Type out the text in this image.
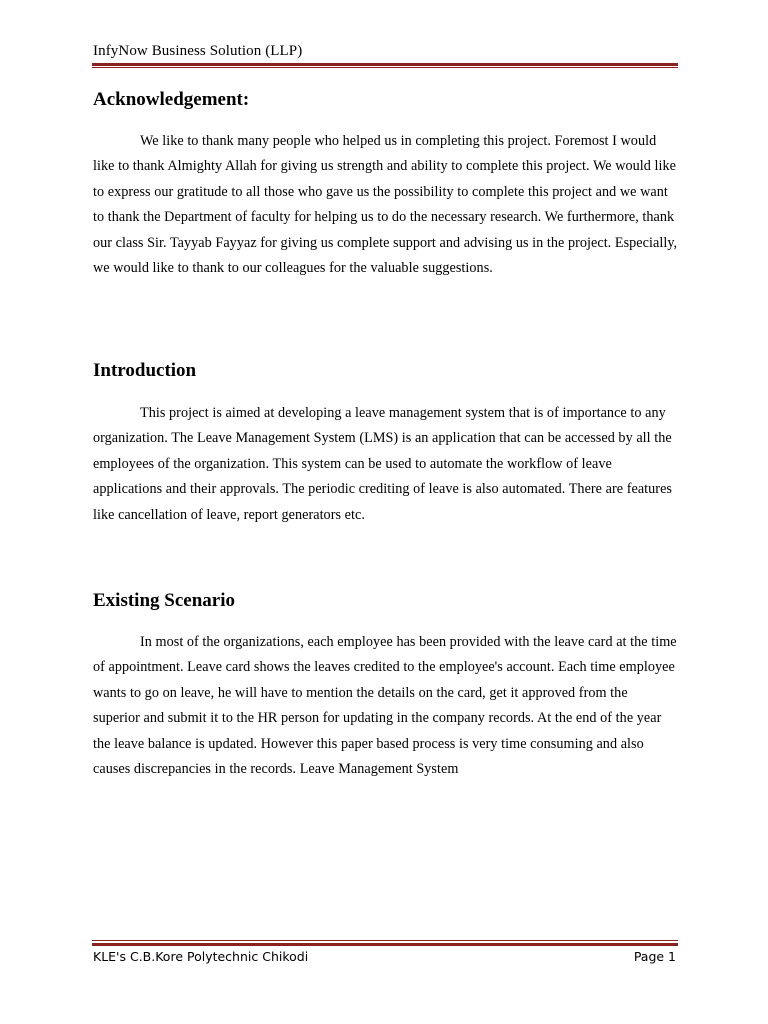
InfyNow Business Solution (LLP)
Acknowledgement:

We like to thank many people who helped us in completing this project. Foremost I would like to thank Almighty Allah for giving us strength and ability to complete this project. We would like to express our gratitude to all those who gave us the possibility to complete this project and we want to thank the Department of faculty for helping us to do the necessary research. We furthermore, thank our class Sir. Tayyab Fayyaz for giving us complete support and advising us in the project. Especially, we would like to thank to our colleagues for the valuable suggestions.

Introduction

This project is aimed at developing a leave management system that is of importance to any organization. The Leave Management System (LMS) is an application that can be accessed by all the employees of the organization. This system can be used to automate the workflow of leave applications and their approvals. The periodic crediting of leave is also automated. There are features like cancellation of leave, report generators etc.

Existing Scenario

In most of the organizations, each employee has been provided with the leave card at the time of appointment. Leave card shows the leaves credited to the employee's account. Each time employee wants to go on leave, he will have to mention the details on the card, get it approved from the superior and submit it to the HR person for updating in the company records. At the end of the year the leave balance is updated. However this paper based process is very time consuming and also causes discrepancies in the records. Leave Management System

KLE's C.B.Kore Polytechnic Chikodi	Page 1
